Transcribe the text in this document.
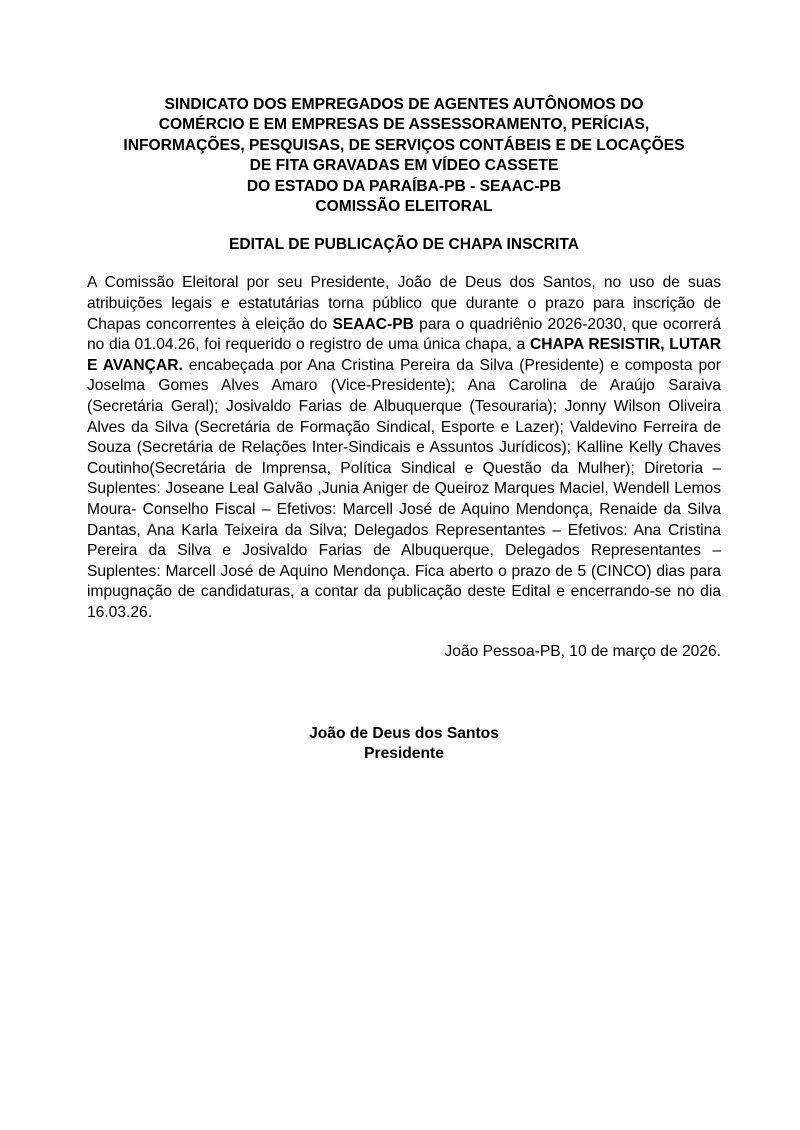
SINDICATO DOS EMPREGADOS DE AGENTES AUTÔNOMOS DO
COMÉRCIO E EM EMPRESAS DE ASSESSORAMENTO, PERÍCIAS,
INFORMAÇÕES, PESQUISAS, DE SERVIÇOS CONTÁBEIS E DE LOCAÇÕES
DE FITA GRAVADAS EM VÍDEO CASSETE
DO ESTADO DA PARAÍBA-PB - SEAAC-PB
COMISSÃO ELEITORAL
EDITAL DE PUBLICAÇÃO DE CHAPA INSCRITA
A Comissão Eleitoral por seu Presidente, João de Deus dos Santos, no uso de suas atribuições legais e estatutárias torna público que durante o prazo para inscrição de Chapas concorrentes à eleição do SEAAC-PB para o quadriênio 2026-2030, que ocorrerá no dia 01.04.26, foi requerido o registro de uma única chapa, a CHAPA RESISTIR, LUTAR E AVANÇAR. encabeçada por Ana Cristina Pereira da Silva (Presidente) e composta por Joselma Gomes Alves Amaro (Vice-Presidente); Ana Carolina de Araújo Saraiva (Secretária Geral); Josivaldo Farias de Albuquerque (Tesouraria); Jonny Wilson Oliveira Alves da Silva (Secretária de Formação Sindical, Esporte e Lazer); Valdevino Ferreira de Souza (Secretária de Relações Inter-Sindicais e Assuntos Jurídicos); Kalline Kelly Chaves Coutinho(Secretária de Imprensa, Política Sindical e Questão da Mulher); Diretoria – Suplentes: Joseane Leal Galvão ,Junia Aniger de Queiroz Marques Maciel, Wendell Lemos Moura- Conselho Fiscal – Efetivos: Marcell José de Aquino Mendonça, Renaide da Silva Dantas, Ana Karla Teixeira da Silva; Delegados Representantes – Efetivos: Ana Cristina Pereira da Silva e Josivaldo Farias de Albuquerque, Delegados Representantes – Suplentes: Marcell José de Aquino Mendonça. Fica aberto o prazo de 5 (CINCO) dias para impugnação de candidaturas, a contar da publicação deste Edital e encerrando-se no dia 16.03.26.
João Pessoa-PB, 10 de março de 2026.
João de Deus dos Santos
Presidente
